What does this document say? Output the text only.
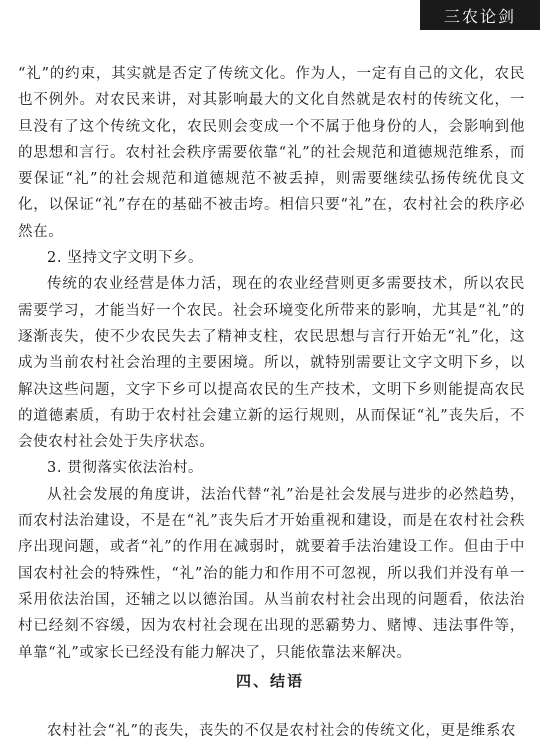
三农论剑

“礼”的约束，其实就是否定了传统文化。作为人，一定有自己的文化，农民也不例外。对农民来讲，对其影响最大的文化自然就是农村的传统文化，一旦没有了这个传统文化，农民则会变成一个不属于他身份的人，会影响到他的思想和言行。农村社会秩序需要依靠“礼”的社会规范和道德规范维系，而要保证“礼”的社会规范和道德规范不被丢掉，则需要继续弘扬传统优良文化，以保证“礼”存在的基础不被击垮。相信只要“礼”在，农村社会的秩序必然在。

2. 坚持文字文明下乡。

传统的农业经营是体力活，现在的农业经营则更多需要技术，所以农民需要学习，才能当好一个农民。社会环境变化所带来的影响，尤其是“礼”的逐渐丧失，使不少农民失去了精神支柱，农民思想与言行开始无“礼”化，这成为当前农村社会治理的主要困境。所以，就特别需要让文字文明下乡，以解决这些问题，文字下乡可以提高农民的生产技术，文明下乡则能提高农民的道德素质，有助于农村社会建立新的运行规则，从而保证“礼”丧失后，不会使农村社会处于失序状态。

3. 贯彻落实依法治村。

从社会发展的角度讲，法治代替“礼”治是社会发展与进步的必然趋势，而农村法治建设，不是在“礼”丧失后才开始重视和建设，而是在农村社会秩序出现问题，或者“礼”的作用在减弱时，就要着手法治建设工作。但由于中国农村社会的特殊性，“礼”治的能力和作用不可忽视，所以我们并没有单一采用依法治国，还辅之以以德治国。从当前农村社会出现的问题看，依法治村已经刻不容缓，因为农村社会现在出现的恶霸势力、赌博、违法事件等，单靠“礼”或家长已经没有能力解决了，只能依靠法来解决。

四、结语

农村社会“礼”的丧失，丧失的不仅是农村社会的传统文化，更是维系农
